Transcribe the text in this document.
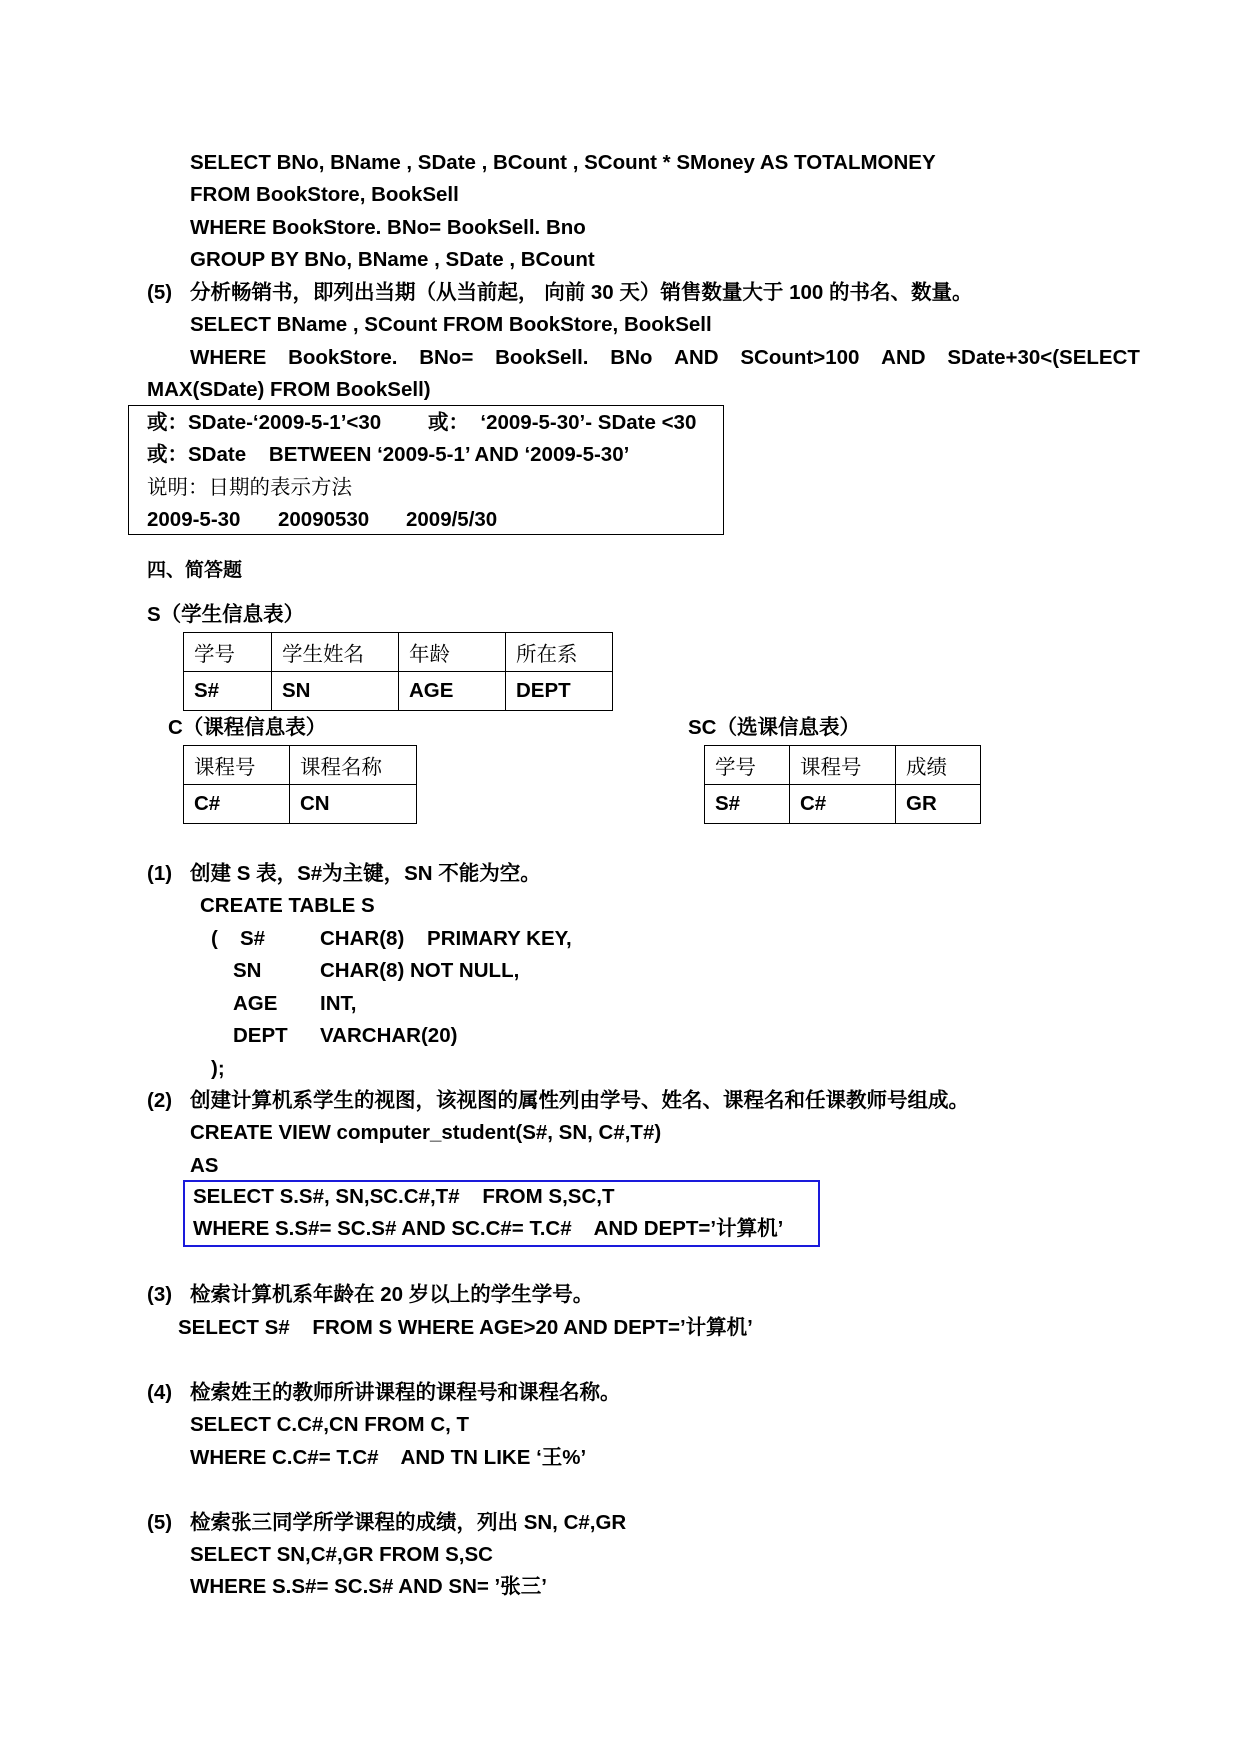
SELECT BNo, BName , SDate , BCount , SCount * SMoney AS TOTALMONEY
FROM BookStore, BookSell
WHERE BookStore. BNo= BookSell. Bno
GROUP BY BNo, BName , SDate , BCount
(5) 分析畅销书，即列出当期（从当前起， 向前 30 天）销售数量大于 100 的书名、数量。
SELECT BName , SCount FROM BookStore, BookSell
WHERE BookStore. BNo= BookSell. BNo AND SCount>100 AND SDate+30<(SELECT
MAX(SDate) FROM BookSell)
或：SDate-‘2009-5-1’<30 或：  ‘2009-5-30’- SDate <30
或：SDate    BETWEEN ‘2009-5-1’ AND ‘2009-5-30’
说明：日期的表示方法
2009-5-30 20090530 2009/5/30
四、简答题
S（学生信息表）
学号	学生姓名	年龄	所在系
S#	SN	AGE	DEPT
C（课程信息表）
课程号	课程名称
C#	CN
SC（选课信息表）
学号	课程号	成绩
S#	C#	GR
(1) 创建 S 表，S#为主键，SN 不能为空。
CREATE TABLE S
( S#	CHAR(8)    PRIMARY KEY,
SN	CHAR(8) NOT NULL,
AGE INT,
DEPT VARCHAR(20)
);
(2) 创建计算机系学生的视图，该视图的属性列由学号、姓名、课程名和任课教师号组成。
CREATE VIEW computer_student(S#, SN, C#,T#)
AS
SELECT S.S#, SN,SC.C#,T#    FROM S,SC,T
WHERE S.S#= SC.S# AND SC.C#= T.C#    AND DEPT=’计算机’
(3) 检索计算机系年龄在 20 岁以上的学生学号。
SELECT S#    FROM S WHERE AGE>20 AND DEPT=’计算机’
(4) 检索姓王的教师所讲课程的课程号和课程名称。
SELECT C.C#,CN FROM C, T
WHERE C.C#= T.C#    AND TN LIKE ‘王%’
(5) 检索张三同学所学课程的成绩，列出 SN, C#,GR
SELECT SN,C#,GR FROM S,SC
WHERE S.S#= SC.S# AND SN= ’张三’
